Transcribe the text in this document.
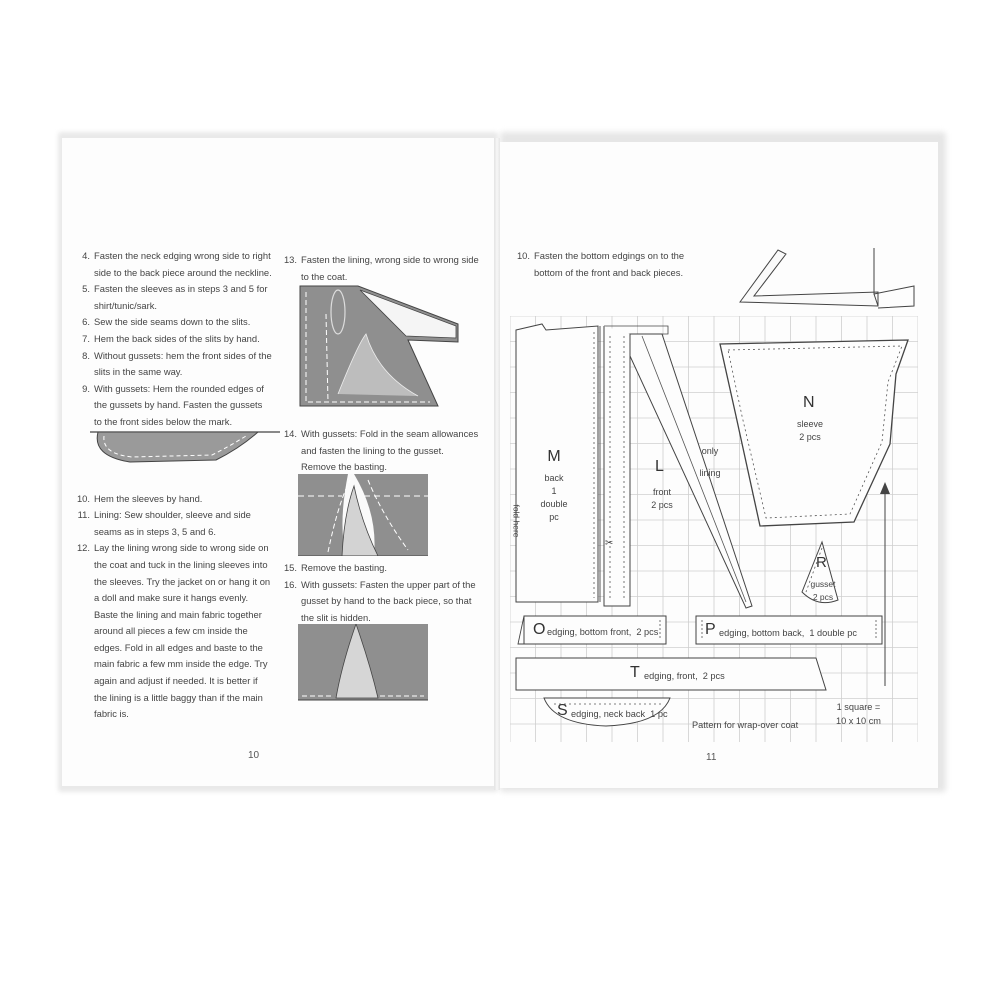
4. Fasten the neck edging wrong side to right side to the back piece around the neckline.

5. Fasten the sleeves as in steps 3 and 5 for shirt/tunic/sark.

6. Sew the side seams down to the slits.

7. Hem the back sides of the slits by hand.

8. Without gussets: hem the front sides of the slits in the same way.

9. With gussets: Hem the rounded edges of the gussets by hand. Fasten the gussets to the front sides below the mark.

10. Hem the sleeves by hand.

11. Lining: Sew shoulder, sleeve and side seams as in steps 3, 5 and 6.

12. Lay the lining wrong side to wrong side on the coat and tuck in the lining sleeves into the sleeves. Try the jacket on or hang it on a doll and make sure it hangs evenly. Baste the lining and main fabric together around all pieces a few cm inside the edges. Fold in all edges and baste to the main fabric a few mm inside the edge. Try again and adjust if needed. It is better if the lining is a little baggy than if the main fabric is.

13. Fasten the lining, wrong side to wrong side to the coat.

14. With gussets: Fold in the seam allowances and fasten the lining to the gusset. Remove the basting.

15. Remove the basting.

16. With gussets: Fasten the upper part of the gusset by hand to the back piece, so that the slit is hidden.

10

10. Fasten the bottom edgings on to the bottom of the front and back pieces.

✂
M
back
1
double
pc
fold here
L
front
2 pcs
only
lining
N
sleeve
2 pcs
R
gusset
2 pcs
O edging, bottom front,  2 pcs	P edging, bottom back,  1 double pc
T edging, front,  2 pcs
S edging, neck back  1 pc
Pattern for wrap-over coat
1 square =
10 x 10 cm
11
